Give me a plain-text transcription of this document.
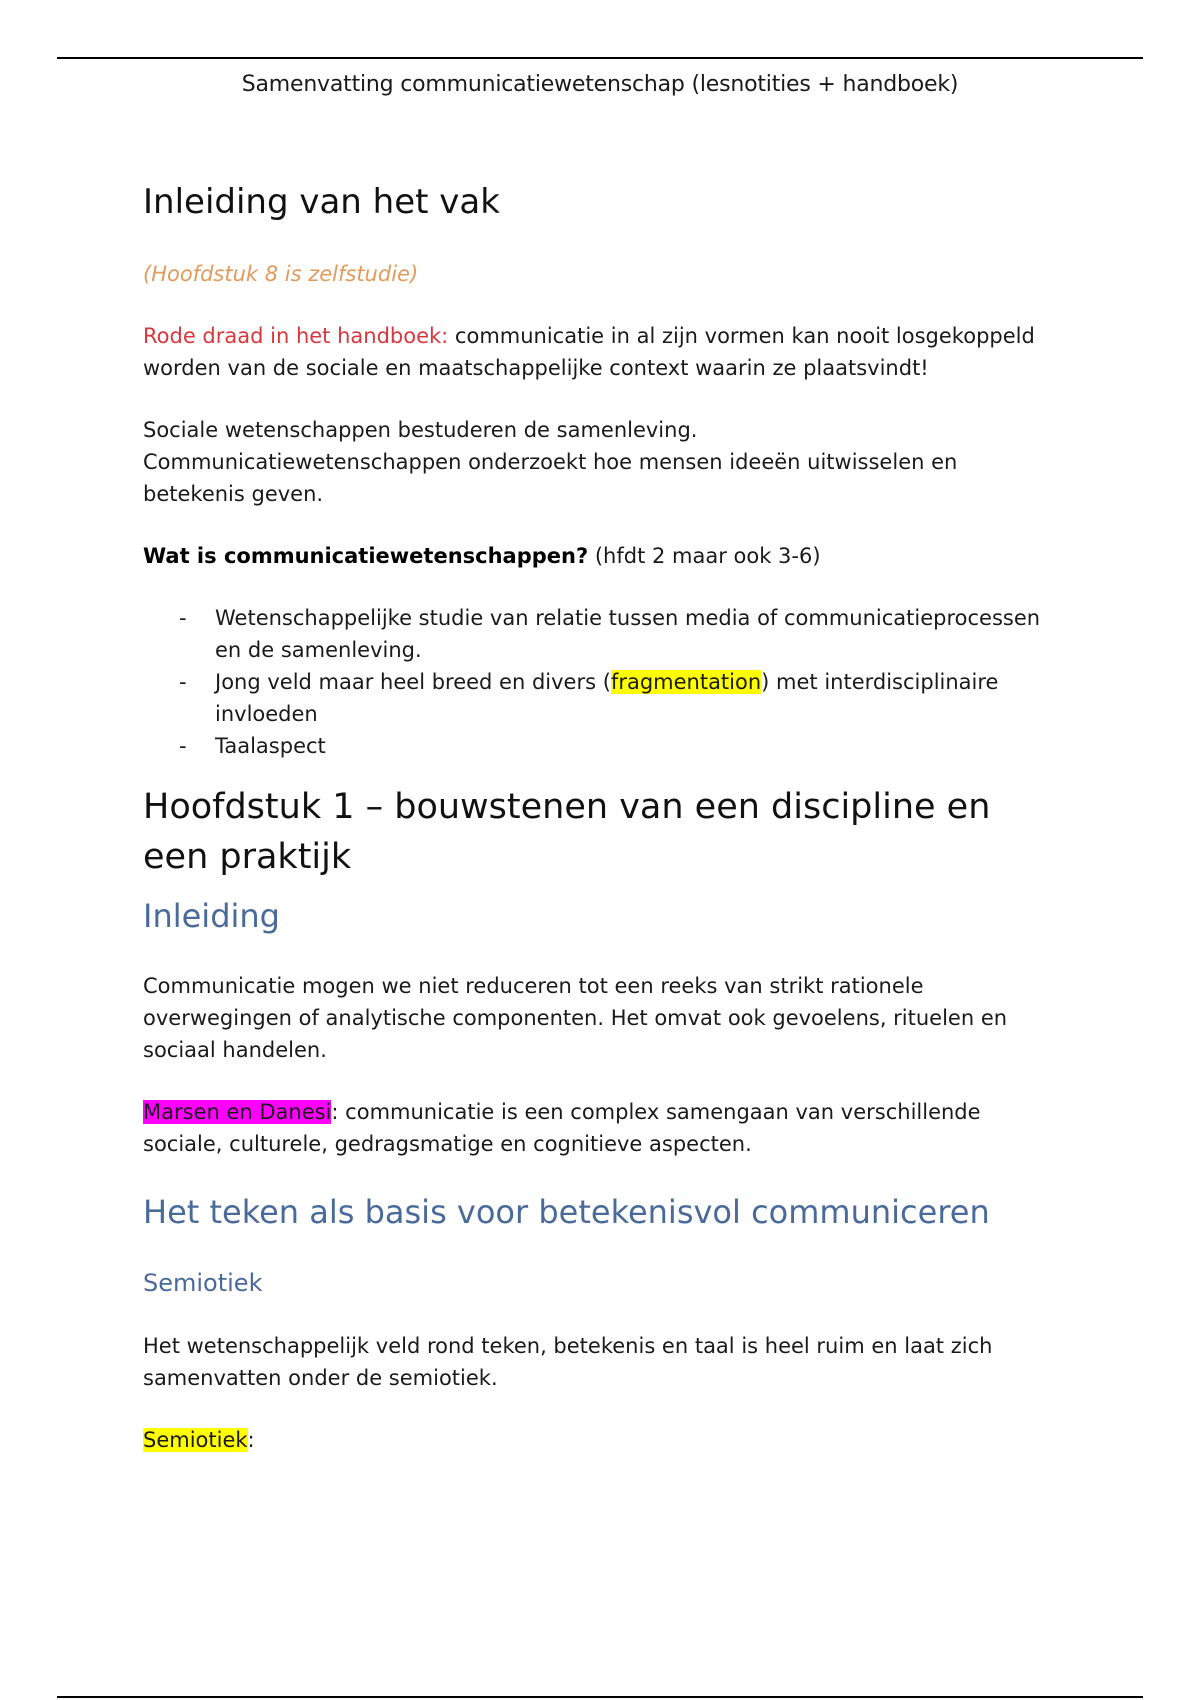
Samenvatting communicatiewetenschap (lesnotities + handboek)
Inleiding van het vak

(Hoofdstuk 8 is zelfstudie)

Rode draad in het handboek: communicatie in al zijn vormen kan nooit losgekoppeld worden van de sociale en maatschappelijke context waarin ze plaatsvindt!

Sociale wetenschappen bestuderen de samenleving.
Communicatiewetenschappen onderzoekt hoe mensen ideeën uitwisselen en betekenis geven.

Wat is communicatiewetenschappen? (hfdt 2 maar ook 3-6)

- Wetenschappelijke studie van relatie tussen media of communicatieprocessen en de samenleving.
- Jong veld maar heel breed en divers (fragmentation) met interdisciplinaire invloeden
- Taalaspect
Hoofdstuk 1 – bouwstenen van een discipline en een praktijk
Inleiding

Communicatie mogen we niet reduceren tot een reeks van strikt rationele overwegingen of analytische componenten. Het omvat ook gevoelens, rituelen en sociaal handelen.

Marsen en Danesi: communicatie is een complex samengaan van verschillende sociale, culturele, gedragsmatige en cognitieve aspecten.

Het teken als basis voor betekenisvol communiceren
Semiotiek

Het wetenschappelijk veld rond teken, betekenis en taal is heel ruim en laat zich samenvatten onder de semiotiek.

Semiotiek:
